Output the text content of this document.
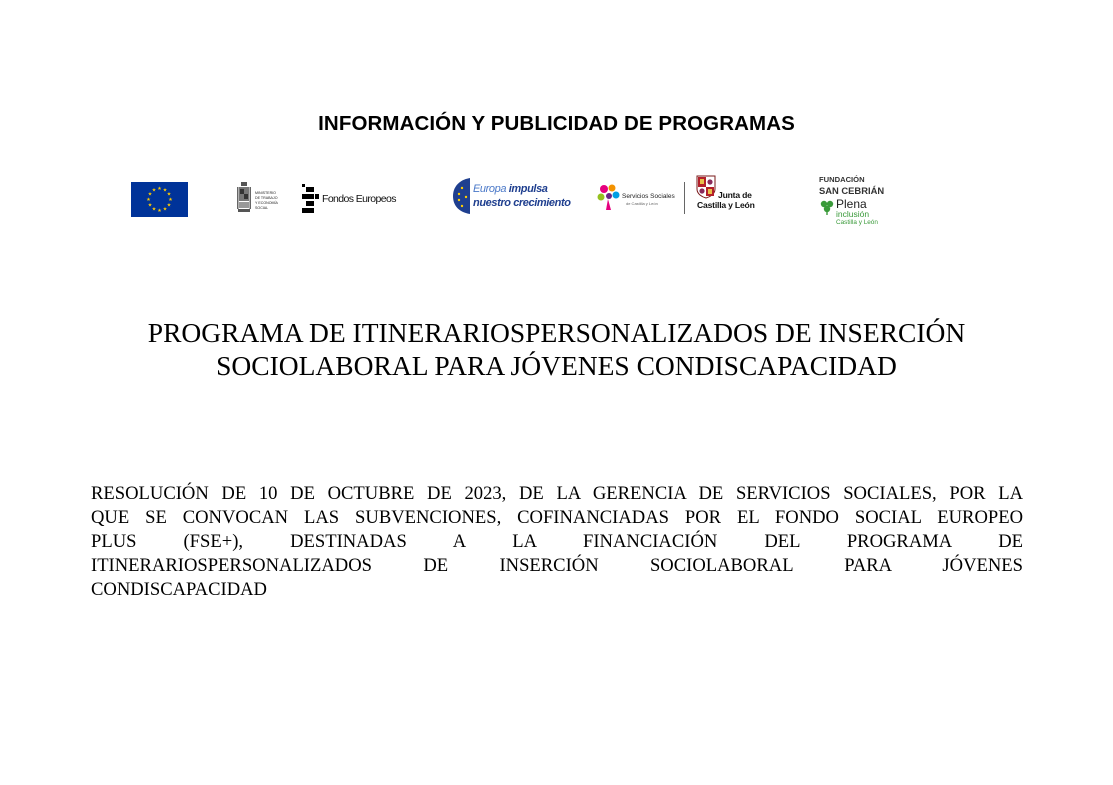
INFORMACIÓN Y PUBLICIDAD DE PROGRAMAS
★ ★
★
★
★
★
★
★
★
★
★
★	MINISTERIO
DE TRABAJO
Y ECONOMÍA SOCIAL
Fondos Europeos
Europa impulsa
nuestro crecimiento
Servicios Sociales
de Castilla y León
Junta de
Castilla y León
FUNDACIÓN
SAN CEBRIÁN
Plena
inclusión
Castilla y León
PROGRAMA DE ITINERARIOSPERSONALIZADOS DE INSERCIÓN
SOCIOLABORAL PARA JÓVENES CONDISCAPACIDAD
RESOLUCIÓN DE 10 DE OCTUBRE DE 2023, DE LA GERENCIA DE SERVICIOS SOCIALES, POR LA
QUE SE CONVOCAN LAS SUBVENCIONES, COFINANCIADAS POR EL FONDO SOCIAL EUROPEO
PLUS (FSE+), DESTINADAS A LA FINANCIACIÓN DEL PROGRAMA DE
ITINERARIOSPERSONALIZADOS DE INSERCIÓN SOCIOLABORAL PARA JÓVENES
CONDISCAPACIDAD
